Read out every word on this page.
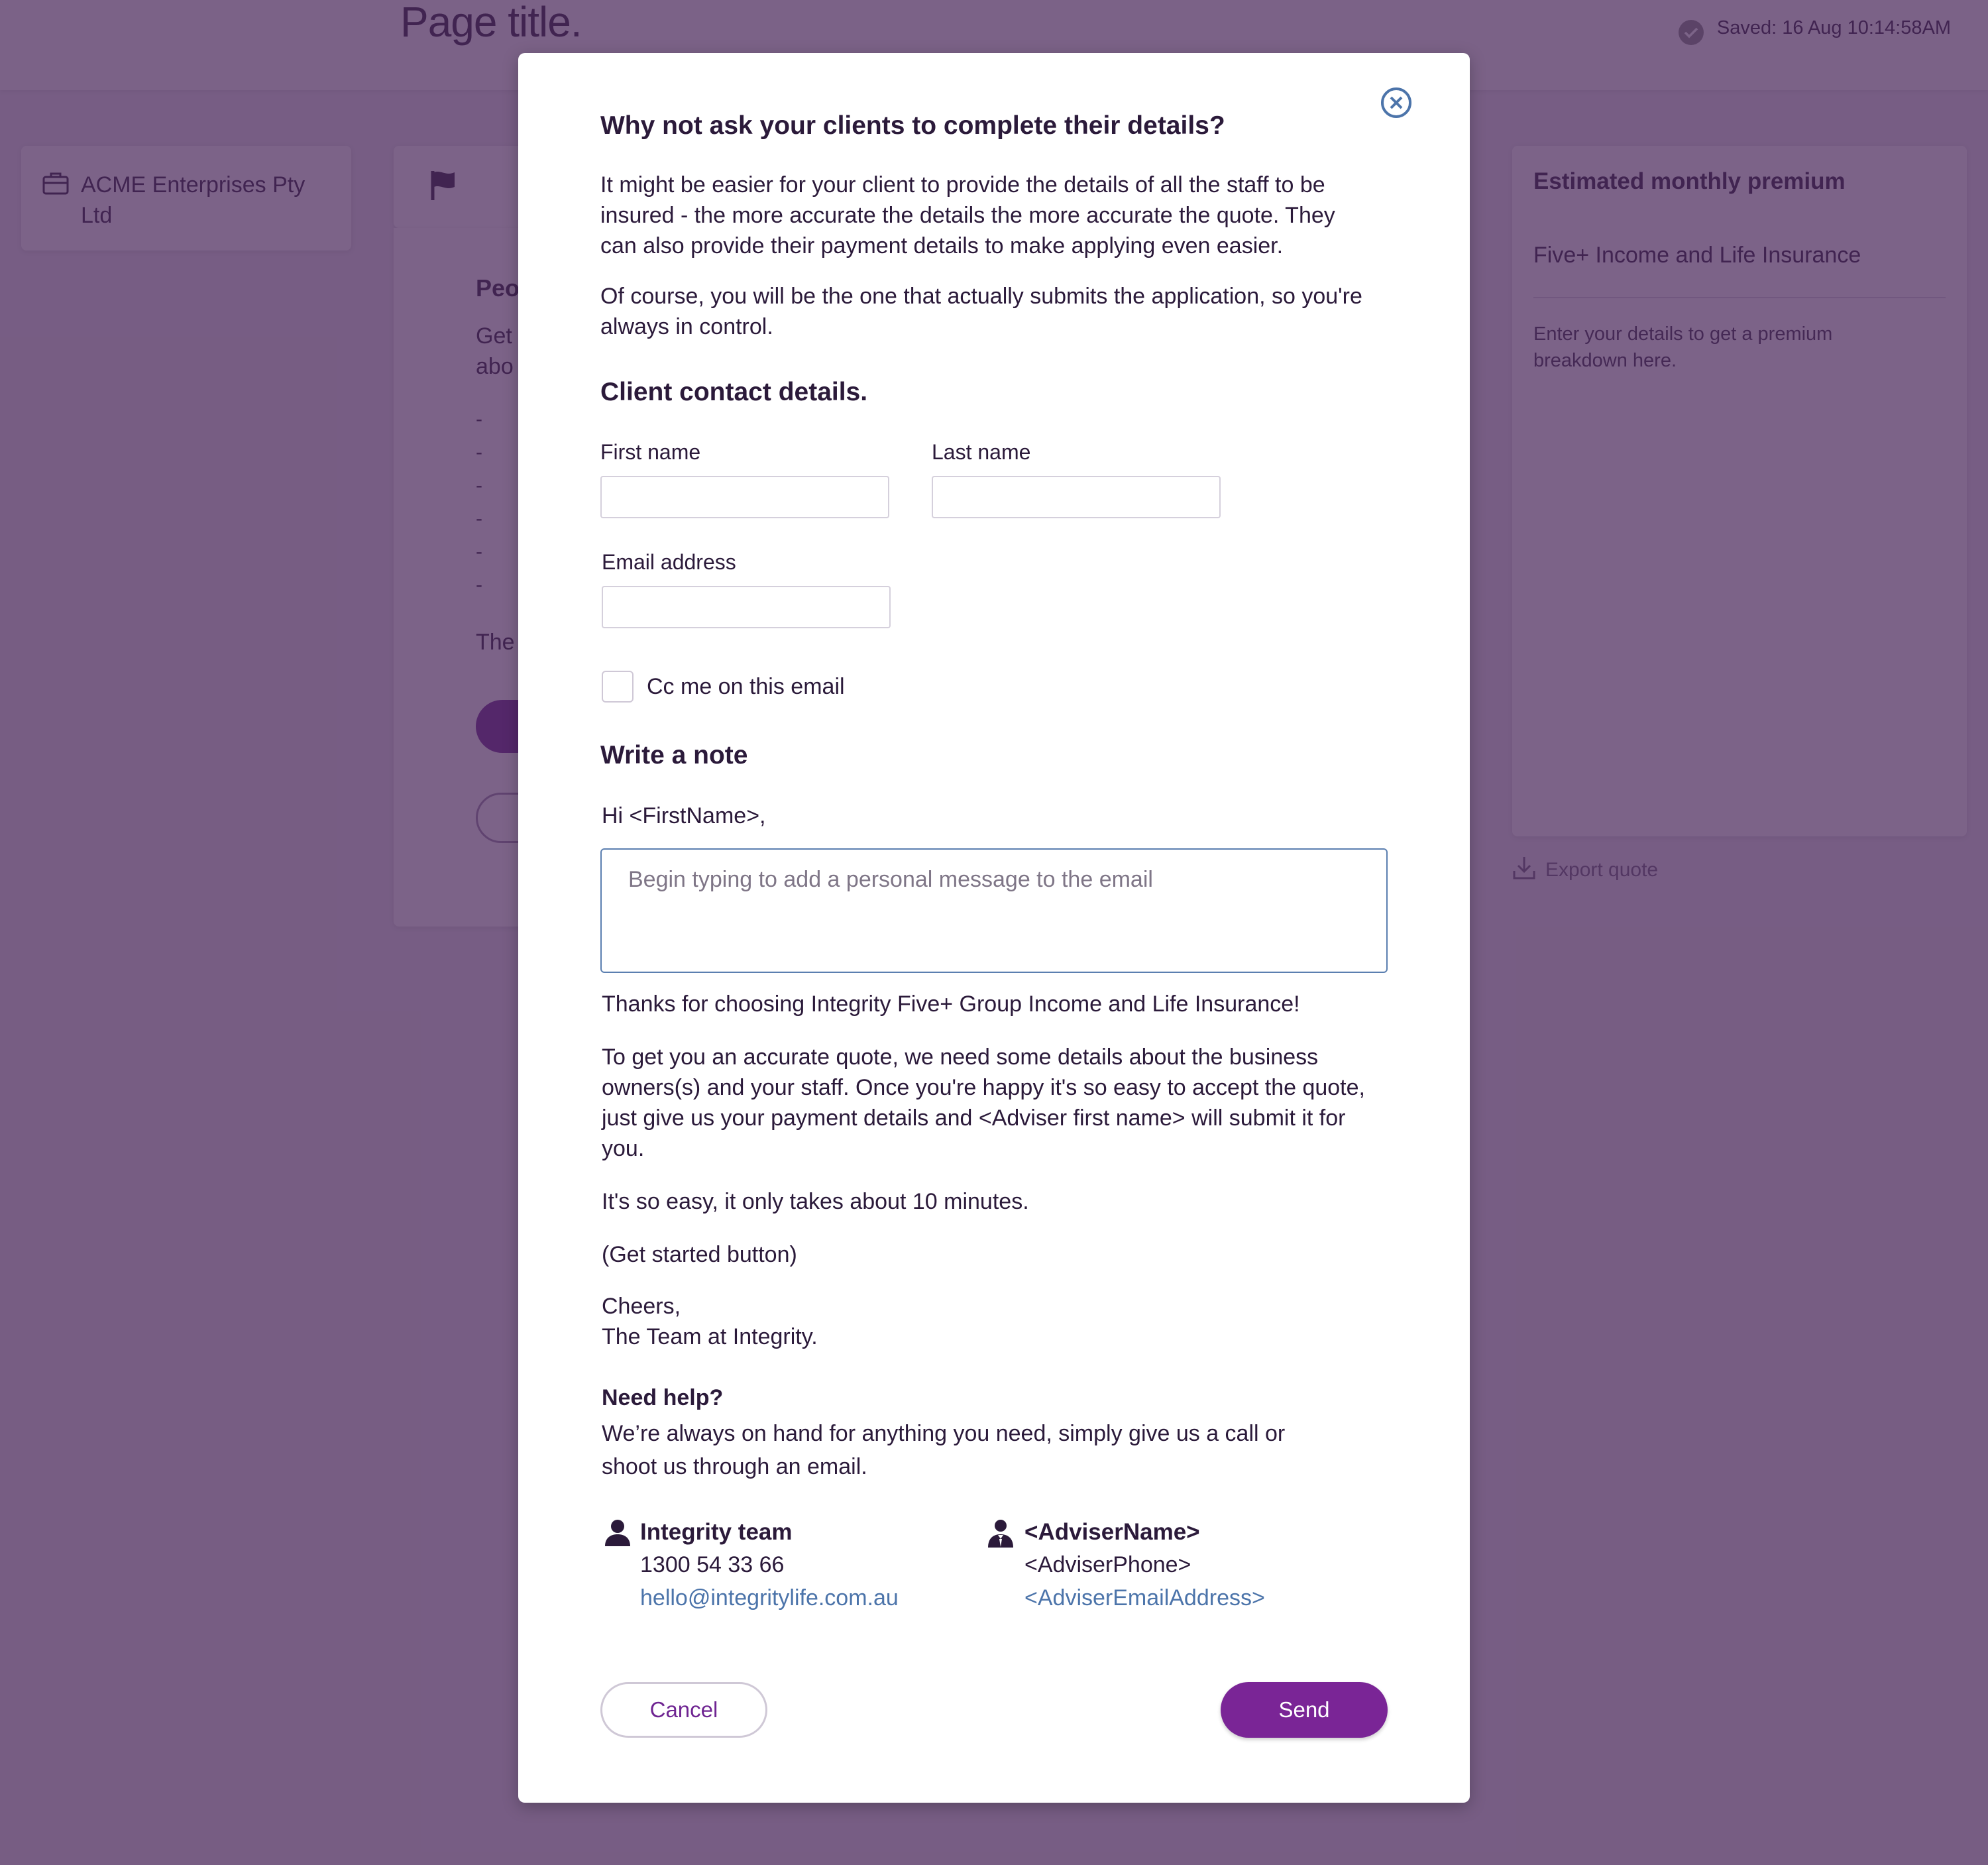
Why not ask your clients to complete their details?
It might be easier for your client to provide the details of all the staff to be insured - the more accurate the details the more accurate the quote. They can also provide their payment details to make applying even easier.
Of course, you will be the one that actually submits the application, so you're always in control.
Client contact details.
First name	Last name
Email address
Cc me on this email
Write a note
Hi <FirstName>,
Begin typing to add a personal message to the email
Thanks for choosing Integrity Five+ Group Income and Life Insurance!
To get you an accurate quote, we need some details about the business owners(s) and your staff. Once you're happy it's so easy to accept the quote, just give us your payment details and <Adviser first name> will submit it for you.
It's so easy, it only takes about 10 minutes.
(Get started button)
Cheers,
The Team at Integrity.
Need help?
We’re always on hand for anything you need, simply give us a call or shoot us through an email.
Integrity team
1300 54 33 66
hello@integritylife.com.au
<AdviserName>
<AdviserPhone>
<AdviserEmailAddress>
Cancel	Send
